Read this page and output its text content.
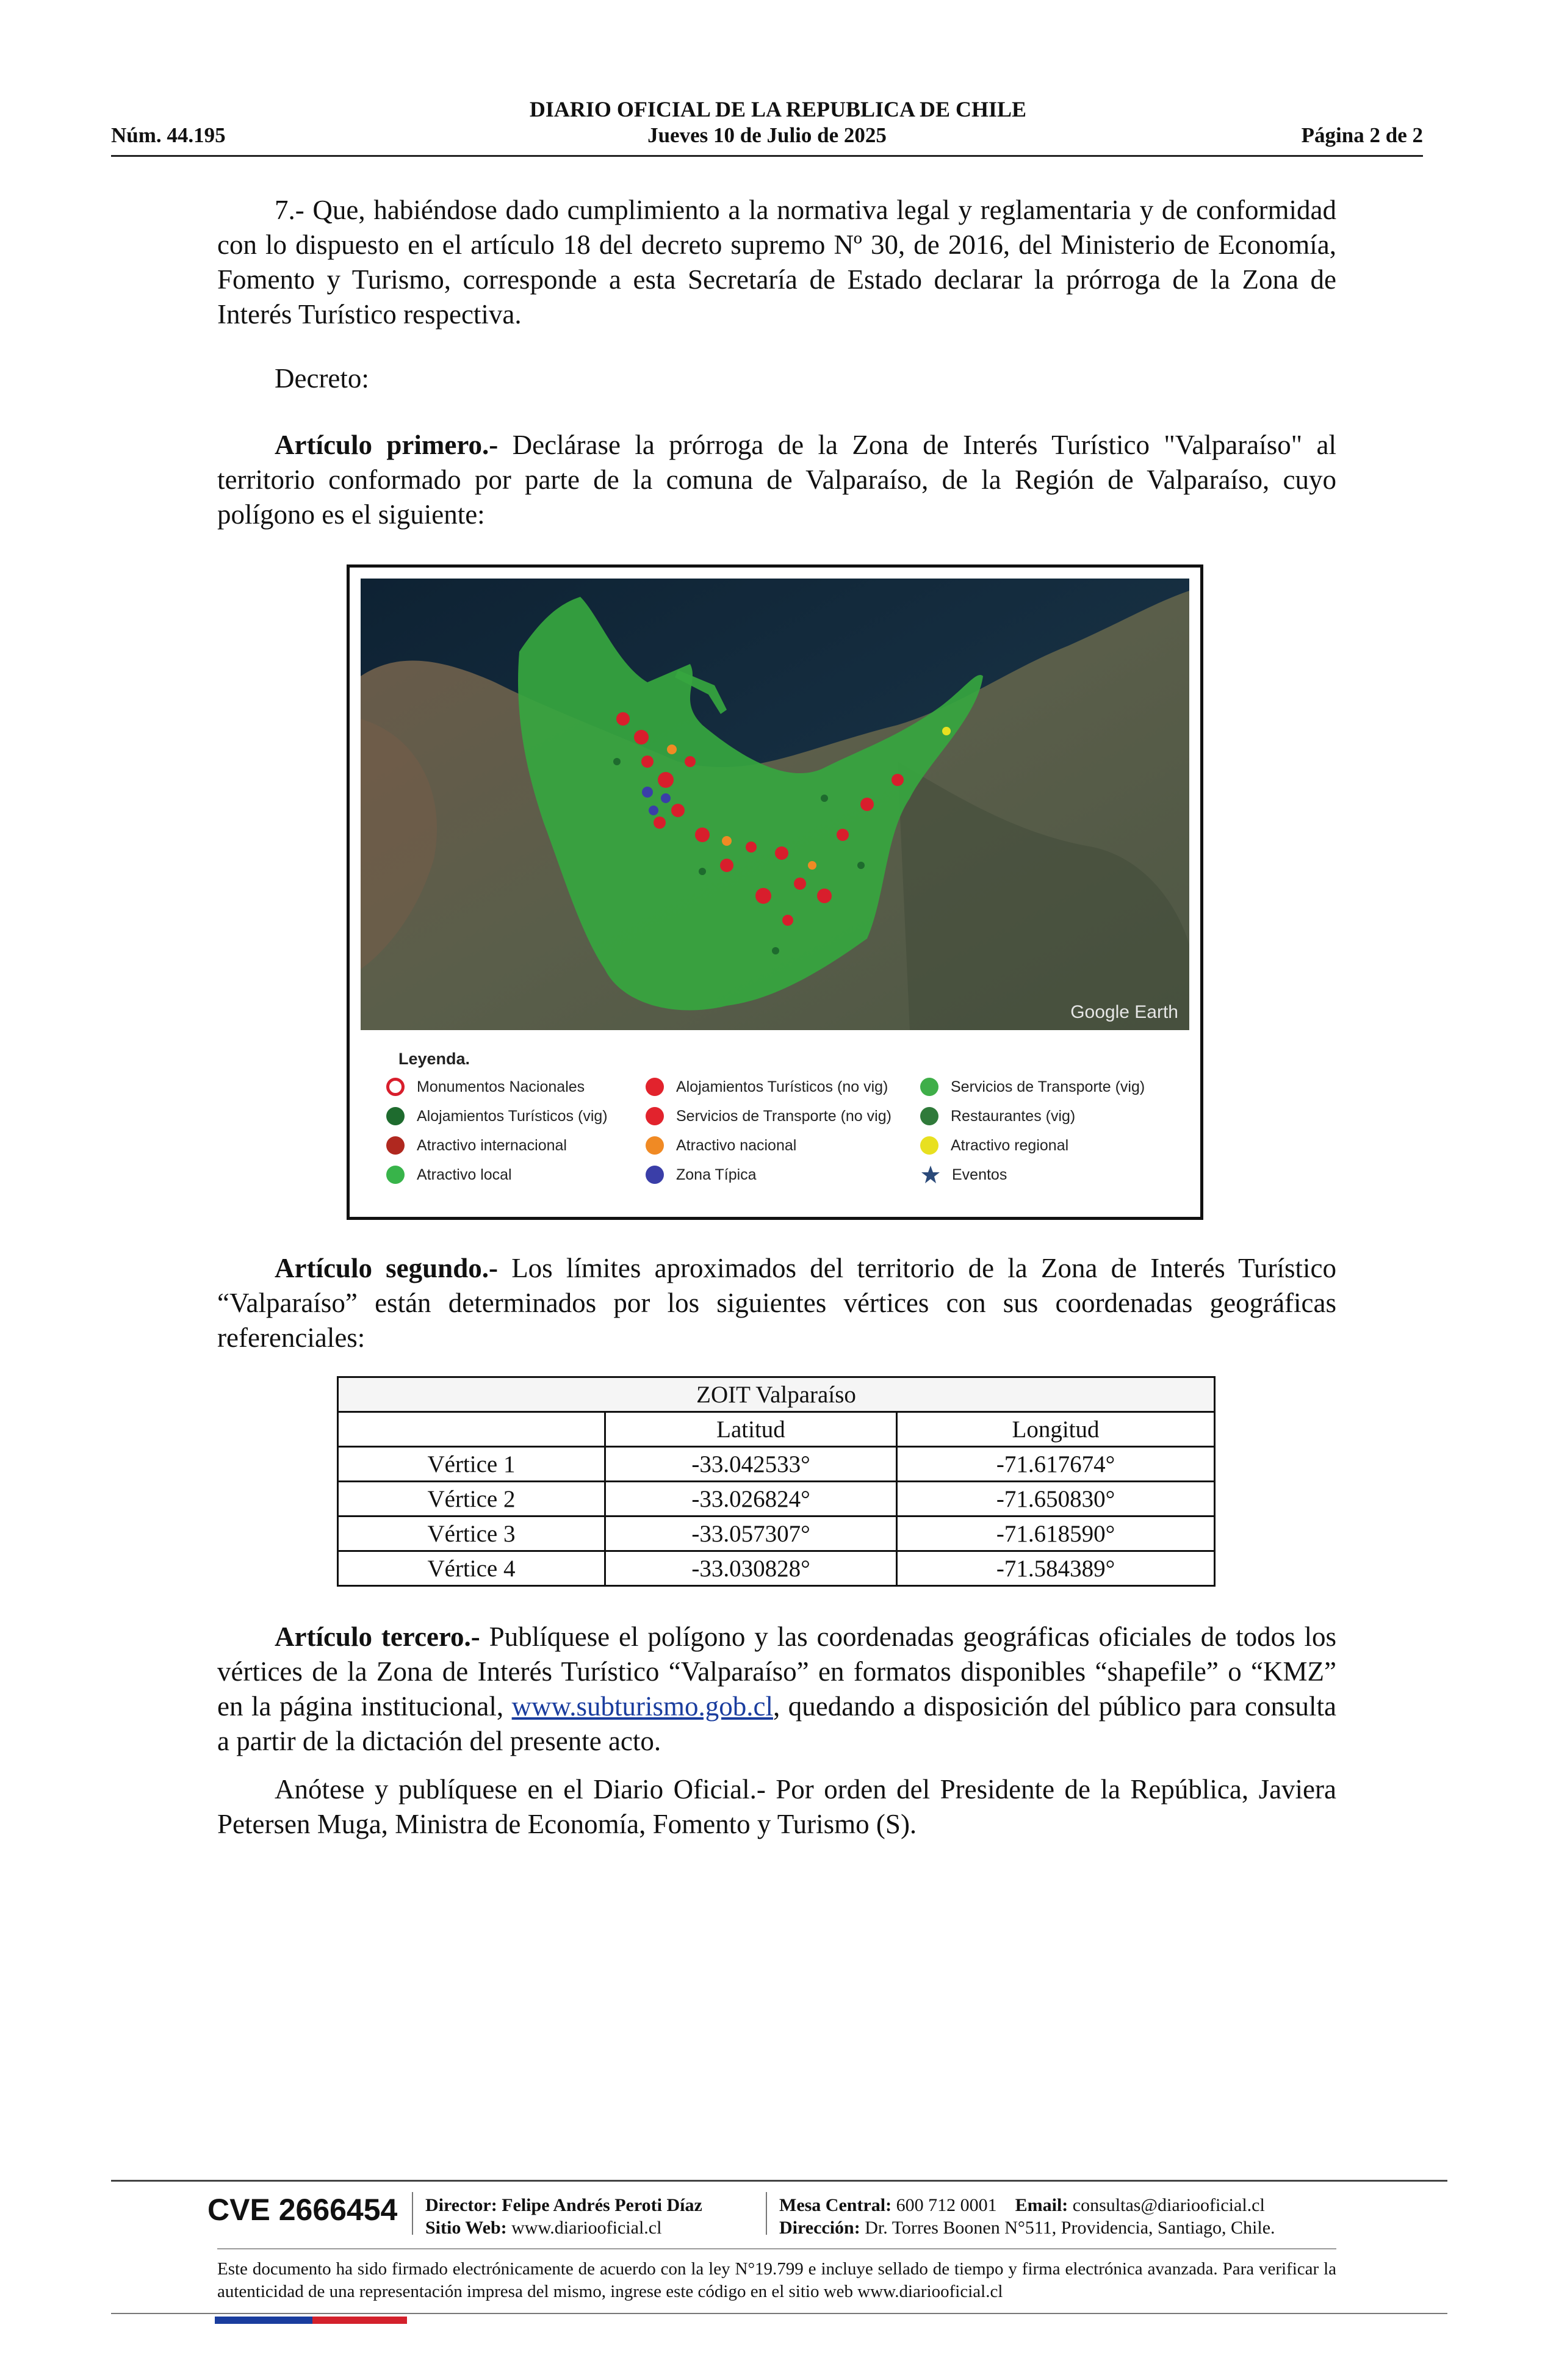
DIARIO OFICIAL DE LA REPUBLICA DE CHILE
Núm. 44.195	Jueves 10 de Julio de 2025	Página 2 de 2
7.- Que, habiéndose dado cumplimiento a la normativa legal y reglamentaria y de conformidad con lo dispuesto en el artículo 18 del decreto supremo Nº 30, de 2016, del Ministerio de Economía, Fomento y Turismo, corresponde a esta Secretaría de Estado declarar la prórroga de la Zona de Interés Turístico respectiva.
Decreto:
Artículo primero.- Declárase la prórroga de la Zona de Interés Turístico "Valparaíso" al territorio conformado por parte de la comuna de Valparaíso, de la Región de Valparaíso, cuyo polígono es el siguiente:
Google Earth
Leyenda.
Monumentos Nacionales
Alojamientos Turísticos (vig)
Atractivo internacional
Atractivo local
Alojamientos Turísticos (no vig)
Servicios de Transporte (no vig)
Atractivo nacional
Zona Típica
Servicios de Transporte (vig)
Restaurantes (vig)
Atractivo regional
Eventos
Artículo segundo.- Los límites aproximados del territorio de la Zona de Interés Turístico “Valparaíso” están determinados por los siguientes vértices con sus coordenadas geográficas referenciales:
ZOIT Valparaíso		
	Latitud	Longitud
Vértice 1	-33.042533°	-71.617674°
Vértice 2	-33.026824°	-71.650830°
Vértice 3	-33.057307°	-71.618590°
Vértice 4	-33.030828°	-71.584389°
Artículo tercero.- Publíquese el polígono y las coordenadas geográficas oficiales de todos los vértices de la Zona de Interés Turístico “Valparaíso” en formatos disponibles “shapefile” o “KMZ” en la página institucional, www.subturismo.gob.cl, quedando a disposición del público para consulta a partir de la dictación del presente acto.
Anótese y publíquese en el Diario Oficial.- Por orden del Presidente de la República, Javiera Petersen Muga, Ministra de Economía, Fomento y Turismo (S).
CVE 2666454 Director: Felipe Andrés Peroti Díaz
Sitio Web: www.diariooficial.cl
Mesa Central: 600 712 0001 Email: consultas@diariooficial.cl
Dirección: Dr. Torres Boonen N°511, Providencia, Santiago, Chile.
Este documento ha sido firmado electrónicamente de acuerdo con la ley N°19.799 e incluye sellado de tiempo y firma electrónica avanzada. Para verificar la autenticidad de una representación impresa del mismo, ingrese este código en el sitio web www.diariooficial.cl
